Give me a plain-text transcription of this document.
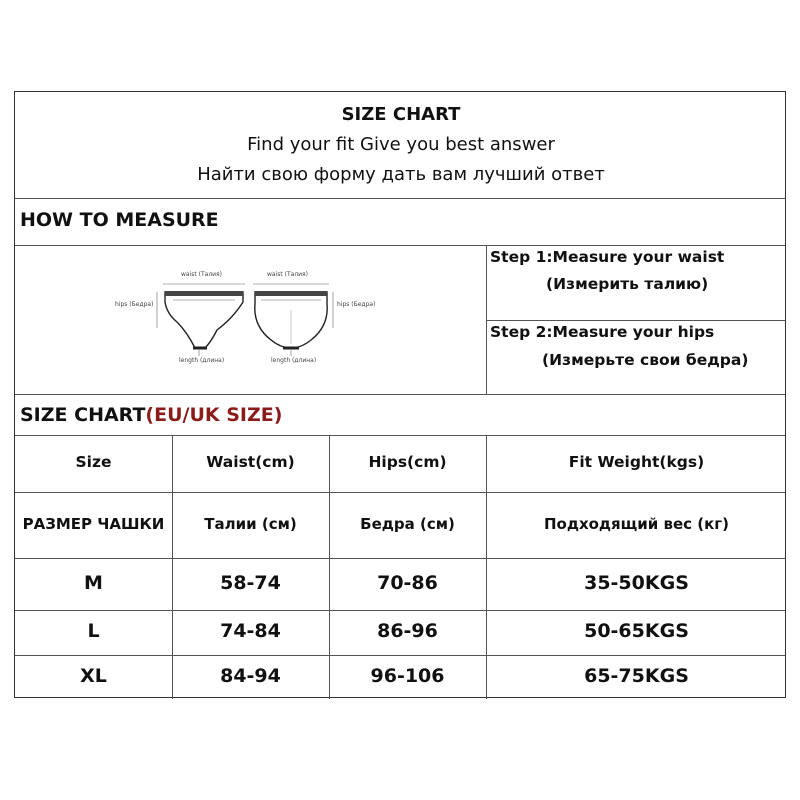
SIZE CHART
Find your fit Give you best answer
Найти свою форму дать вам лучший ответ
HOW TO MEASURE
waist (Талия)	waist (Талия)
hips (Бедра)	hips (Бедра)
length (длина)	length (длина)
Step 1:Measure your waist
(Измерить талию)
Step 2:Measure your hips
(Измерьте свои бедра)
SIZE CHART(EU/UK SIZE)
Size	Waist(cm)	Hips(cm)	Fit Weight(kgs)
РАЗМЕР ЧАШКИ	Талии (см)	Бедра (см)	Подходящий вес (кг)
M	58-74	70-86	35-50KGS
L	74-84	86-96	50-65KGS
XL	84-94	96-106	65-75KGS
